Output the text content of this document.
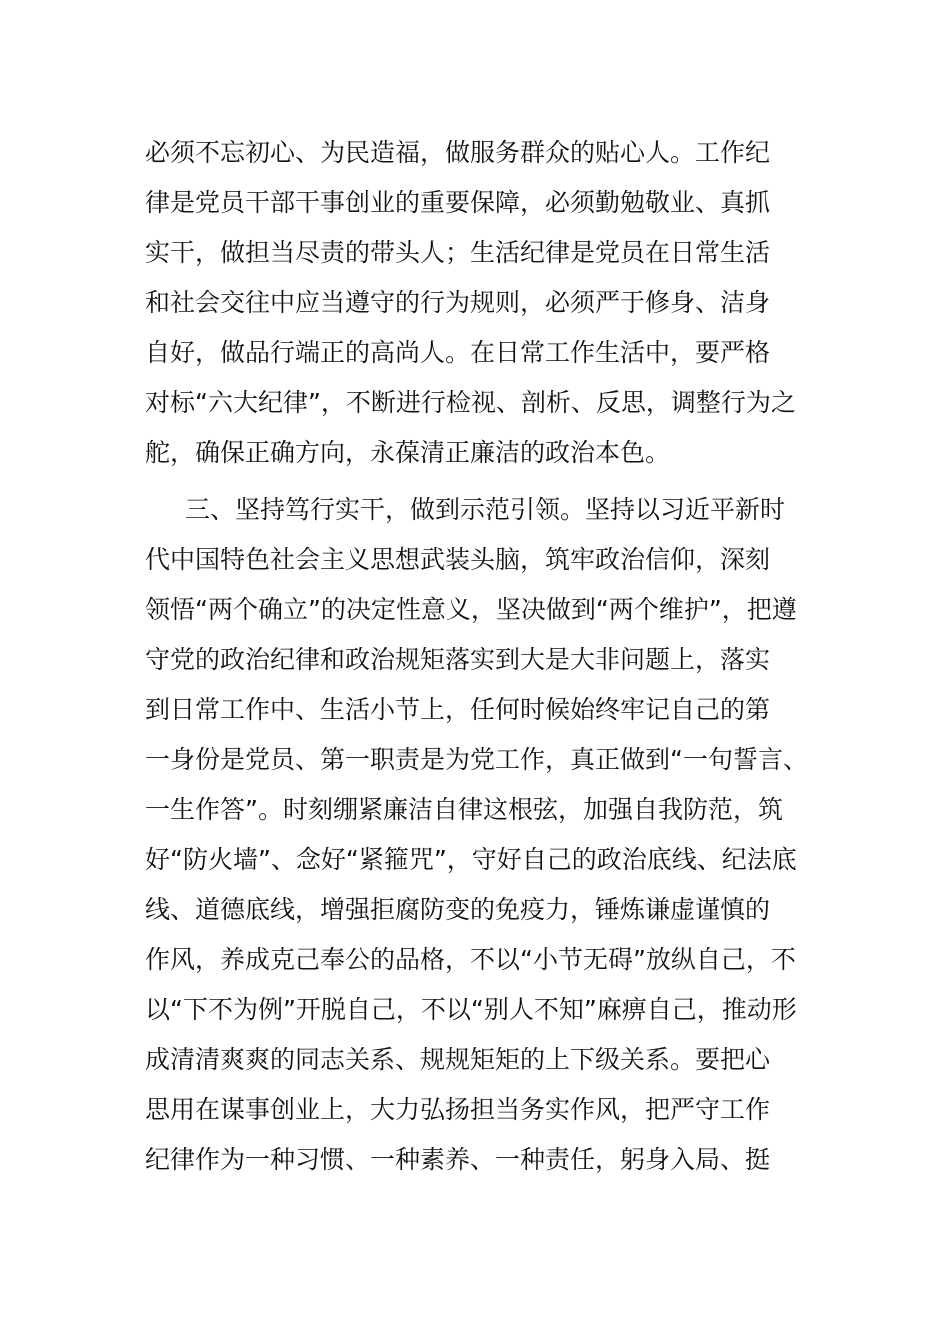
必须不忘初心、为民造福，做服务群众的贴心人。工作纪
律是党员干部干事创业的重要保障，必须勤勉敬业、真抓
实干，做担当尽责的带头人；生活纪律是党员在日常生活
和社会交往中应当遵守的行为规则，必须严于修身、洁身
自好，做品行端正的高尚人。在日常工作生活中，要严格
对标“六大纪律”，不断进行检视、剖析、反思，调整行为之
舵，确保正确方向，永葆清正廉洁的政治本色。
三、坚持笃行实干，做到示范引领。坚持以习近平新时
代中国特色社会主义思想武装头脑，筑牢政治信仰，深刻
领悟“两个确立”的决定性意义，坚决做到“两个维护”，把遵
守党的政治纪律和政治规矩落实到大是大非问题上，落实
到日常工作中、生活小节上，任何时候始终牢记自己的第
一身份是党员、第一职责是为党工作，真正做到“一句誓言、
一生作答”。时刻绷紧廉洁自律这根弦，加强自我防范，筑
好“防火墙”、念好“紧箍咒”，守好自己的政治底线、纪法底
线、道德底线，增强拒腐防变的免疫力，锤炼谦虚谨慎的
作风，养成克己奉公的品格，不以“小节无碍”放纵自己，不
以“下不为例”开脱自己，不以“别人不知”麻痹自己，推动形
成清清爽爽的同志关系、规规矩矩的上下级关系。要把心
思用在谋事创业上，大力弘扬担当务实作风，把严守工作
纪律作为一种习惯、一种素养、一种责任，躬身入局、挺
